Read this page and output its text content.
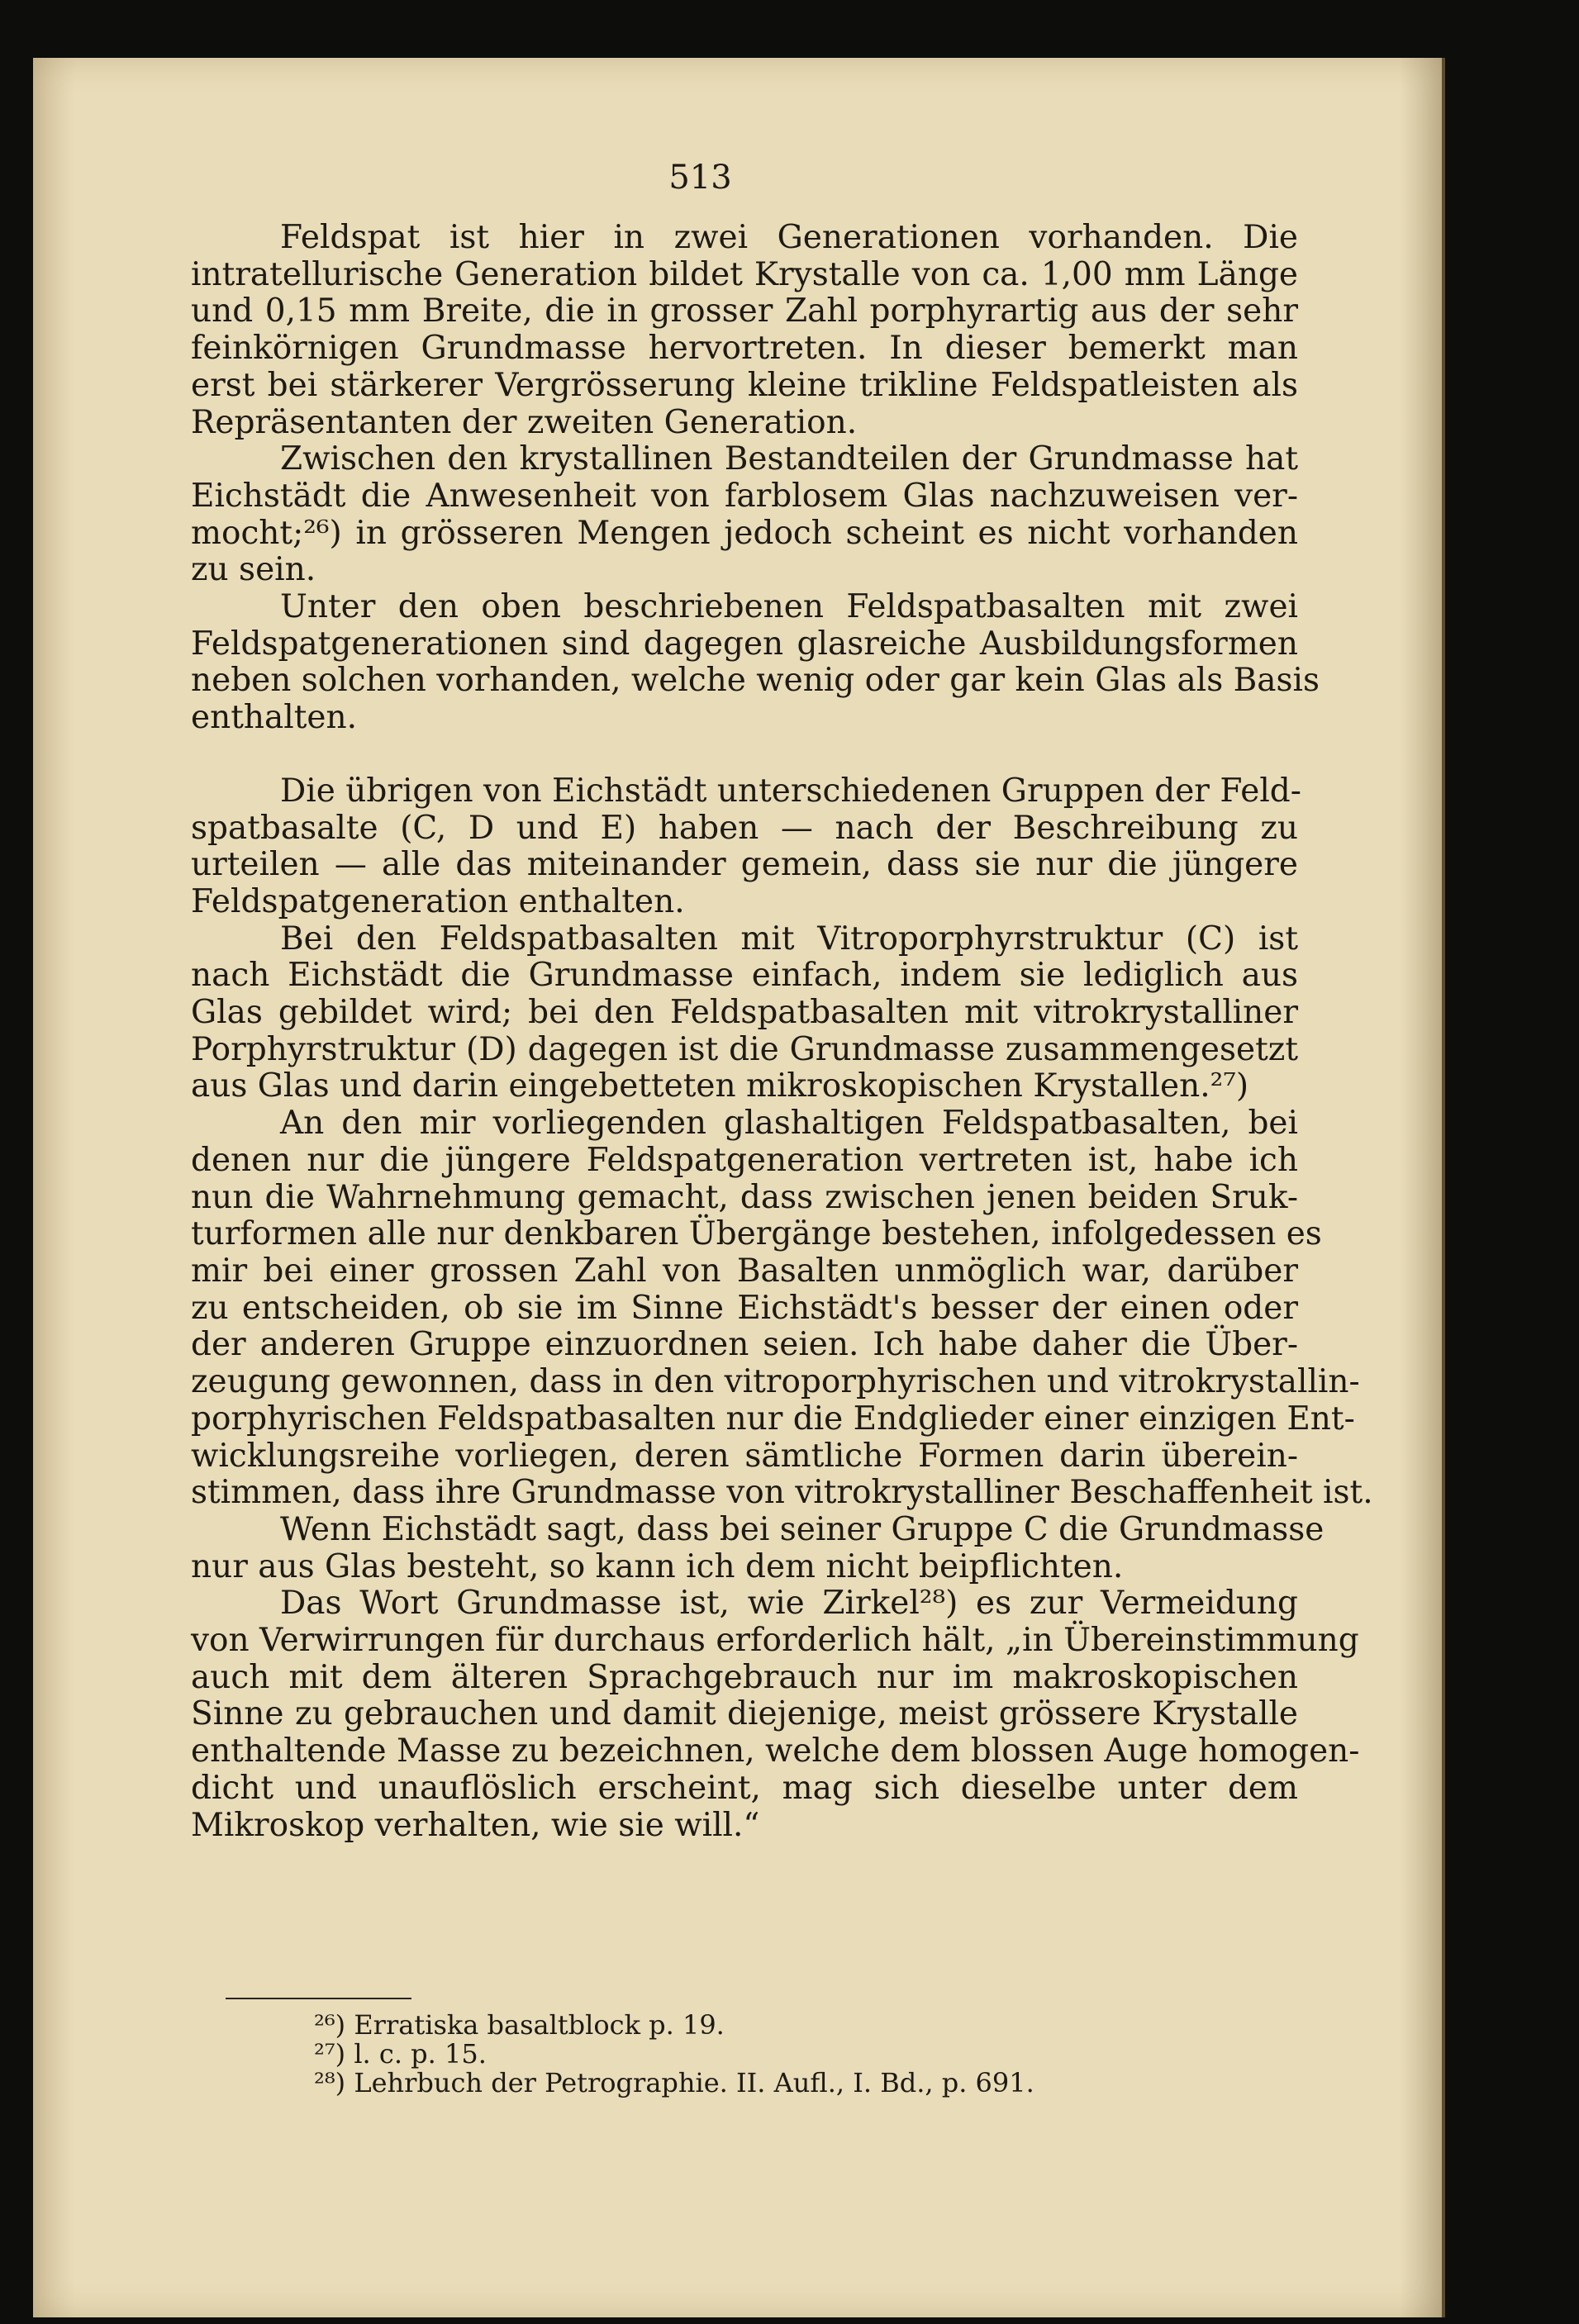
513
Feldspat ist hier in zwei Generationen vorhanden. Die
intratellurische Generation bildet Krystalle von ca. 1,00 mm Länge
und 0,15 mm Breite, die in grosser Zahl porphyrartig aus der sehr
feinkörnigen Grundmasse hervortreten. In dieser bemerkt man
erst bei stärkerer Vergrösserung kleine trikline Feldspatleisten als
Repräsentanten der zweiten Generation.
Zwischen den krystallinen Bestandteilen der Grundmasse hat
Eichstädt die Anwesenheit von farblosem Glas nachzuweisen ver-
mocht;²⁶) in grösseren Mengen jedoch scheint es nicht vorhanden
zu sein.
Unter den oben beschriebenen Feldspatbasalten mit zwei
Feldspatgenerationen sind dagegen glasreiche Ausbildungsformen
neben solchen vorhanden, welche wenig oder gar kein Glas als Basis
enthalten.
Die übrigen von Eichstädt unterschiedenen Gruppen der Feld-
spatbasalte (C, D und E) haben — nach der Beschreibung zu
urteilen — alle das miteinander gemein, dass sie nur die jüngere
Feldspatgeneration enthalten.
Bei den Feldspatbasalten mit Vitroporphyrstruktur (C) ist
nach Eichstädt die Grundmasse einfach, indem sie lediglich aus
Glas gebildet wird; bei den Feldspatbasalten mit vitrokrystalliner
Porphyrstruktur (D) dagegen ist die Grundmasse zusammengesetzt
aus Glas und darin eingebetteten mikroskopischen Krystallen.²⁷)
An den mir vorliegenden glashaltigen Feldspatbasalten, bei
denen nur die jüngere Feldspatgeneration vertreten ist, habe ich
nun die Wahrnehmung gemacht, dass zwischen jenen beiden Sruk-
turformen alle nur denkbaren Übergänge bestehen, infolgedessen es
mir bei einer grossen Zahl von Basalten unmöglich war, darüber
zu entscheiden, ob sie im Sinne Eichstädt's besser der einen oder
der anderen Gruppe einzuordnen seien. Ich habe daher die Über-
zeugung gewonnen, dass in den vitroporphyrischen und vitrokrystallin-
porphyrischen Feldspatbasalten nur die Endglieder einer einzigen Ent-
wicklungsreihe vorliegen, deren sämtliche Formen darin überein-
stimmen, dass ihre Grundmasse von vitrokrystalliner Beschaffenheit ist.
Wenn Eichstädt sagt, dass bei seiner Gruppe C die Grundmasse
nur aus Glas besteht, so kann ich dem nicht beipflichten.
Das Wort Grundmasse ist, wie Zirkel²⁸) es zur Vermeidung
von Verwirrungen für durchaus erforderlich hält, „in Übereinstimmung
auch mit dem älteren Sprachgebrauch nur im makroskopischen
Sinne zu gebrauchen und damit diejenige, meist grössere Krystalle
enthaltende Masse zu bezeichnen, welche dem blossen Auge homogen-
dicht und unauflöslich erscheint, mag sich dieselbe unter dem
Mikroskop verhalten, wie sie will.“
²⁶) Erratiska basaltblock p. 19.
²⁷) l. c. p. 15.
²⁸) Lehrbuch der Petrographie. II. Aufl., I. Bd., p. 691.
